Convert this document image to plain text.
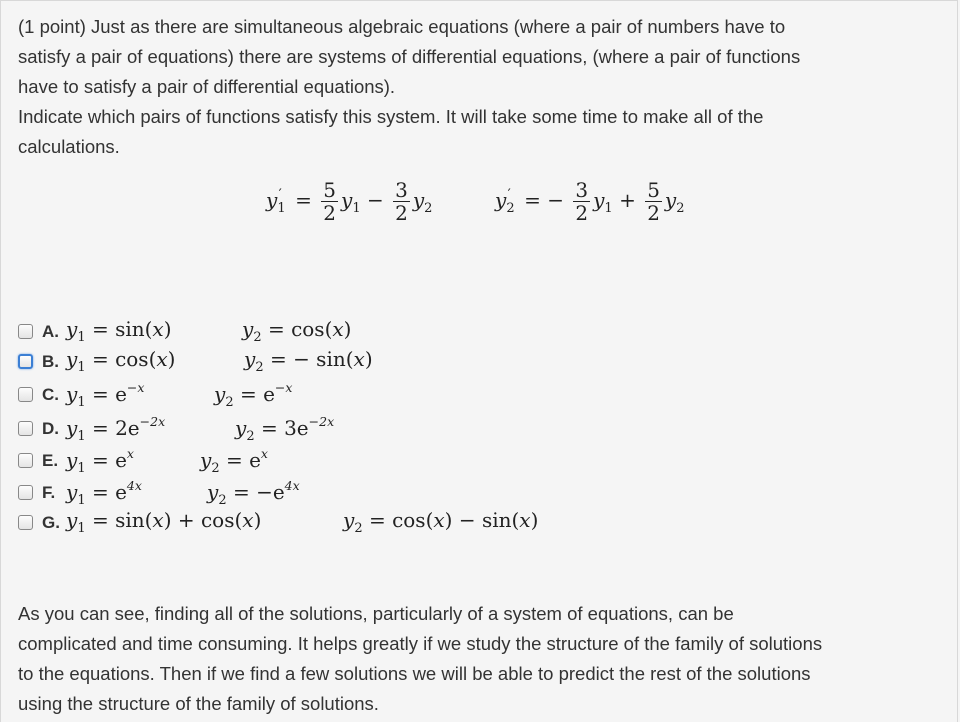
(1 point) Just as there are simultaneous algebraic equations (where a pair of numbers have to
satisfy a pair of equations) there are systems of differential equations, (where a pair of functions
have to satisfy a pair of differential equations).
Indicate which pairs of functions satisfy this system. It will take some time to make all of the
calculations.
$y_1' = \frac{5}{2} y_1 - \frac{3}{2} y_2$	$y_2'$ = − $\frac{3}{2} y_1 + \frac{5}{2} y_2$
A. $y_1 = \sin(x)$	$y_2 = \cos(x)$
B. $y_1 = \cos(x)$	$y_2$ = − sin(x)
C. $y_1 = e^{-x}$	$y_2 = e^{-x}$
D. $y_1 = 2e^{-2x}$	$y_2 = 3e^{-2x}$
E. $y_1 = e^x$	$y_2 = e^x$
F. $y_1 = e^{4x}$	$y_2 = -e^{4x}$
G. $y_1 = \sin(x) + \cos(x)$	$y_2 = \cos(x) - \sin(x)$
As you can see, finding all of the solutions, particularly of a system of equations, can be
complicated and time consuming. It helps greatly if we study the structure of the family of solutions
to the equations. Then if we find a few solutions we will be able to predict the rest of the solutions
using the structure of the family of solutions.
